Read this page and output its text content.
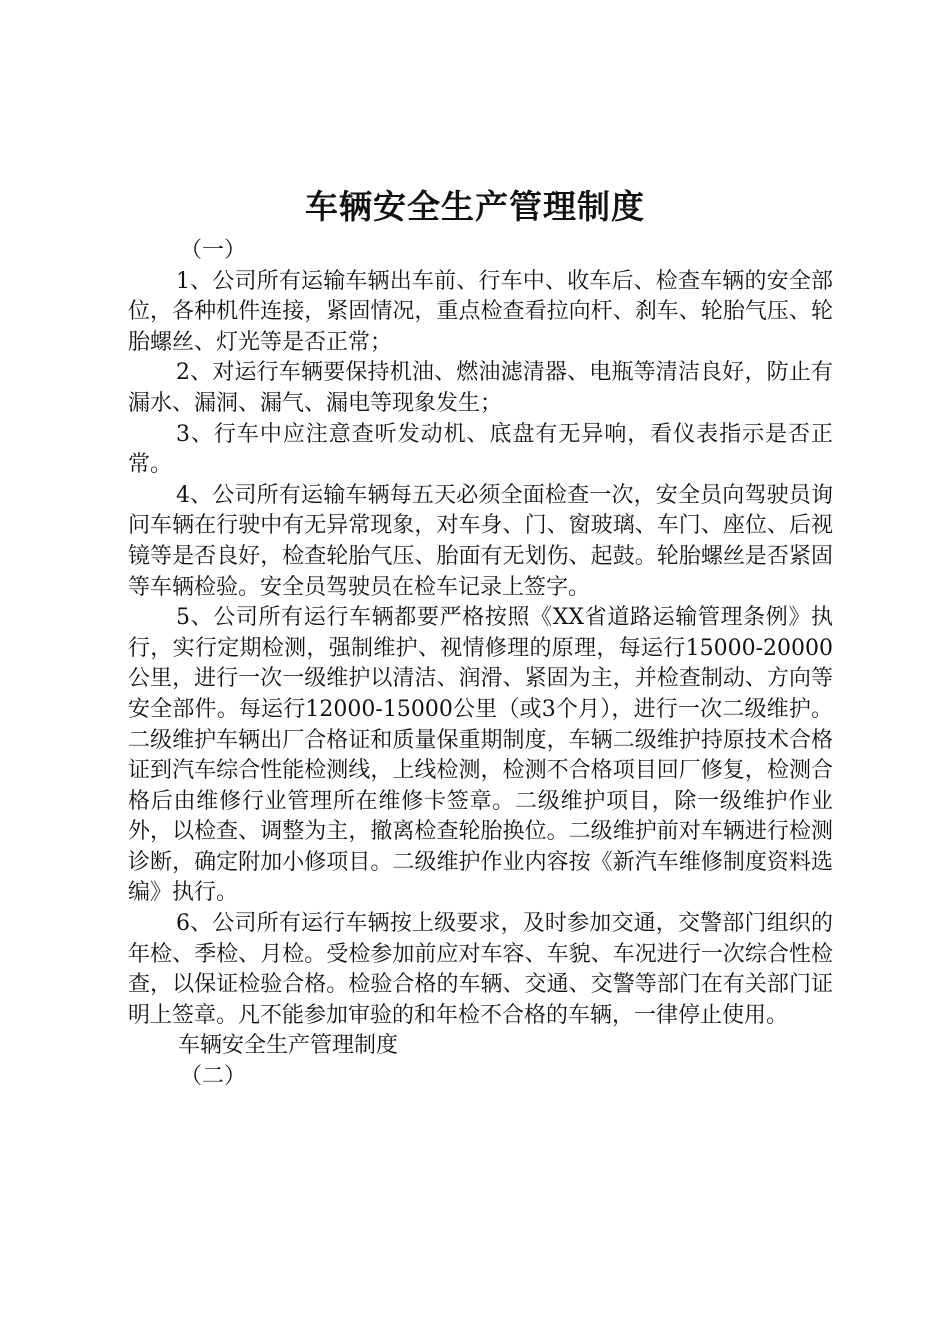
车辆安全生产管理制度

（一）

1、公司所有运输车辆出车前、行车中、收车后、检查车辆的安全部位，各种机件连接，紧固情况，重点检查看拉向杆、刹车、轮胎气压、轮胎螺丝、灯光等是否正常；

2、对运行车辆要保持机油、燃油滤清器、电瓶等清洁良好，防止有漏水、漏洞、漏气、漏电等现象发生；

3、行车中应注意查听发动机、底盘有无异响，看仪表指示是否正常。

4、公司所有运输车辆每五天必须全面检查一次，安全员向驾驶员询问车辆在行驶中有无异常现象，对车身、门、窗玻璃、车门、座位、后视镜等是否良好，检查轮胎气压、胎面有无划伤、起鼓。轮胎螺丝是否紧固等车辆检验。安全员驾驶员在检车记录上签字。

5、公司所有运行车辆都要严格按照《XX省道路运输管理条例》执行，实行定期检测，强制维护、视情修理的原理，每运行15000-20000公里，进行一次一级维护以清洁、润滑、紧固为主，并检查制动、方向等安全部件。每运行12000-15000公里（或3个月），进行一次二级维护。二级维护车辆出厂合格证和质量保重期制度，车辆二级维护持原技术合格证到汽车综合性能检测线，上线检测，检测不合格项目回厂修复，检测合格后由维修行业管理所在维修卡签章。二级维护项目，除一级维护作业外，以检查、调整为主，撤离检查轮胎换位。二级维护前对车辆进行检测诊断，确定附加小修项目。二级维护作业内容按《新汽车维修制度资料选编》执行。

6、公司所有运行车辆按上级要求，及时参加交通，交警部门组织的年检、季检、月检。受检参加前应对车容、车貌、车况进行一次综合性检查，以保证检验合格。检验合格的车辆、交通、交警等部门在有关部门证明上签章。凡不能参加审验的和年检不合格的车辆，一律停止使用。

车辆安全生产管理制度

（二）
